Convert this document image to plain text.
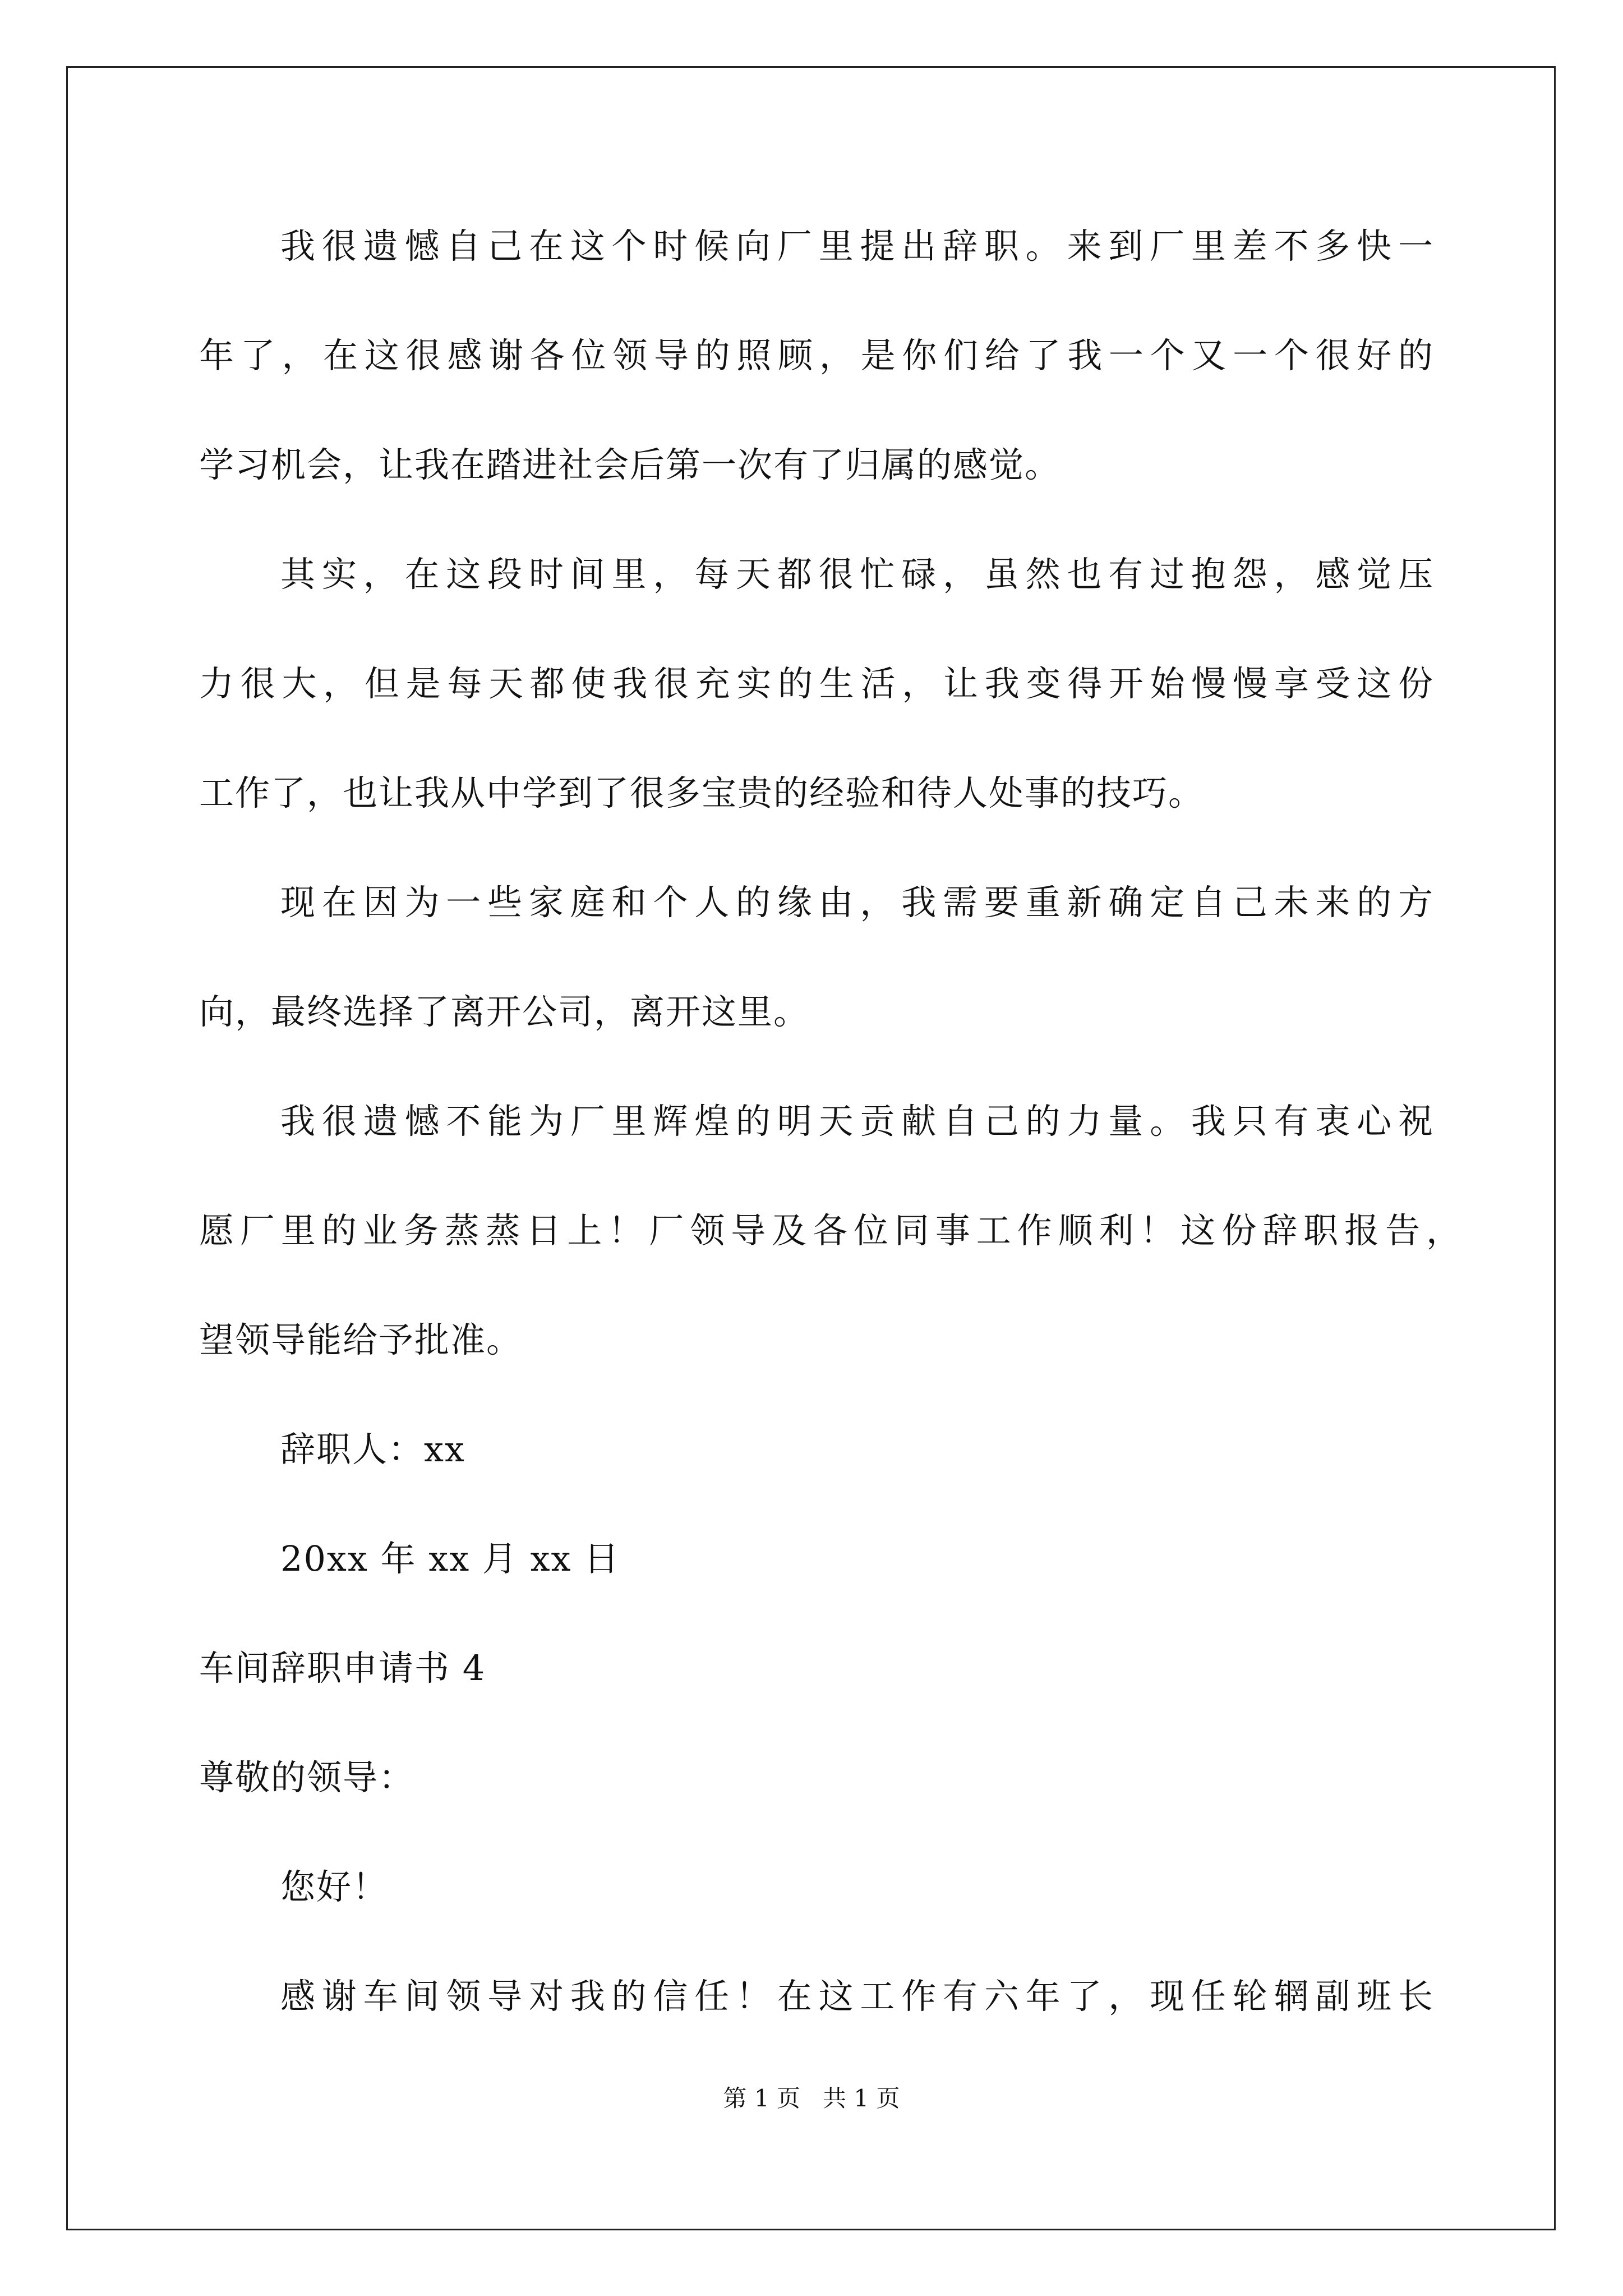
我很遗憾自己在这个时候向厂里提出辞职。来到厂里差不多快一
年了，在这很感谢各位领导的照顾，是你们给了我一个又一个很好的
学习机会，让我在踏进社会后第一次有了归属的感觉。
其实，在这段时间里，每天都很忙碌，虽然也有过抱怨，感觉压
力很大，但是每天都使我很充实的生活，让我变得开始慢慢享受这份
工作了，也让我从中学到了很多宝贵的经验和待人处事的技巧。
现在因为一些家庭和个人的缘由，我需要重新确定自己未来的方
向，最终选择了离开公司，离开这里。
我很遗憾不能为厂里辉煌的明天贡献自己的力量。我只有衷心祝
愿厂里的业务蒸蒸日上！厂领导及各位同事工作顺利！这份辞职报告，
望领导能给予批准。
辞职人：xx
20xx 年 xx 月 xx 日
车间辞职申请书 4
尊敬的领导：
您好！
感谢车间领导对我的信任！在这工作有六年了，现任轮辋副班长
第 1 页   共 1 页
